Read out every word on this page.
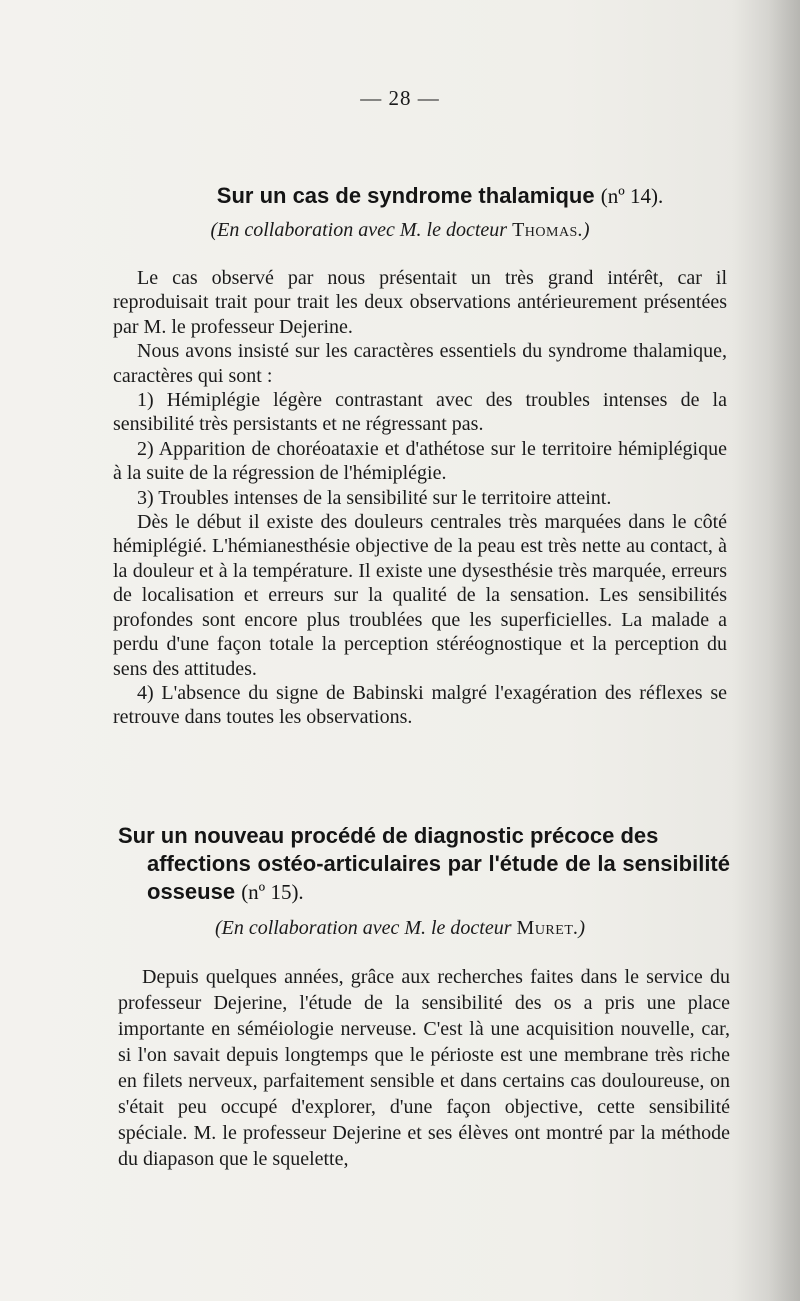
— 28 —
Sur un cas de syndrome thalamique (nº 14).
(En collaboration avec M. le docteur Thomas.)

Le cas observé par nous présentait un très grand intérêt, car il reproduisait trait pour trait les deux observations antérieurement présentées par M. le professeur Dejerine.

Nous avons insisté sur les caractères essentiels du syndrome thalamique, caractères qui sont :

1) Hémiplégie légère contrastant avec des troubles intenses de la sensibilité très persistants et ne régressant pas.

2) Apparition de choréoataxie et d'athétose sur le territoire hémiplégique à la suite de la régression de l'hémiplégie.

3) Troubles intenses de la sensibilité sur le territoire atteint.

Dès le début il existe des douleurs centrales très marquées dans le côté hémiplégié. L'hémianesthésie objective de la peau est très nette au contact, à la douleur et à la température. Il existe une dysesthésie très marquée, erreurs de localisation et erreurs sur la qualité de la sensation. Les sensibilités profondes sont encore plus troublées que les superficielles. La malade a perdu d'une façon totale la perception stéréognostique et la perception du sens des attitudes.

4) L'absence du signe de Babinski malgré l'exagération des réflexes se retrouve dans toutes les observations.

Sur un nouveau procédé de diagnostic précoce des
affections ostéo-articulaires par l'étude de la sensibilité osseuse (nº 15).
(En collaboration avec M. le docteur Muret.)

Depuis quelques années, grâce aux recherches faites dans le service du professeur Dejerine, l'étude de la sensibilité des os a pris une place importante en séméiologie nerveuse. C'est là une acquisition nouvelle, car, si l'on savait depuis longtemps que le périoste est une membrane très riche en filets nerveux, parfaitement sensible et dans certains cas douloureuse, on s'était peu occupé d'explorer, d'une façon objective, cette sensibilité spéciale. M. le professeur Dejerine et ses élèves ont montré par la méthode du diapason que le squelette,
